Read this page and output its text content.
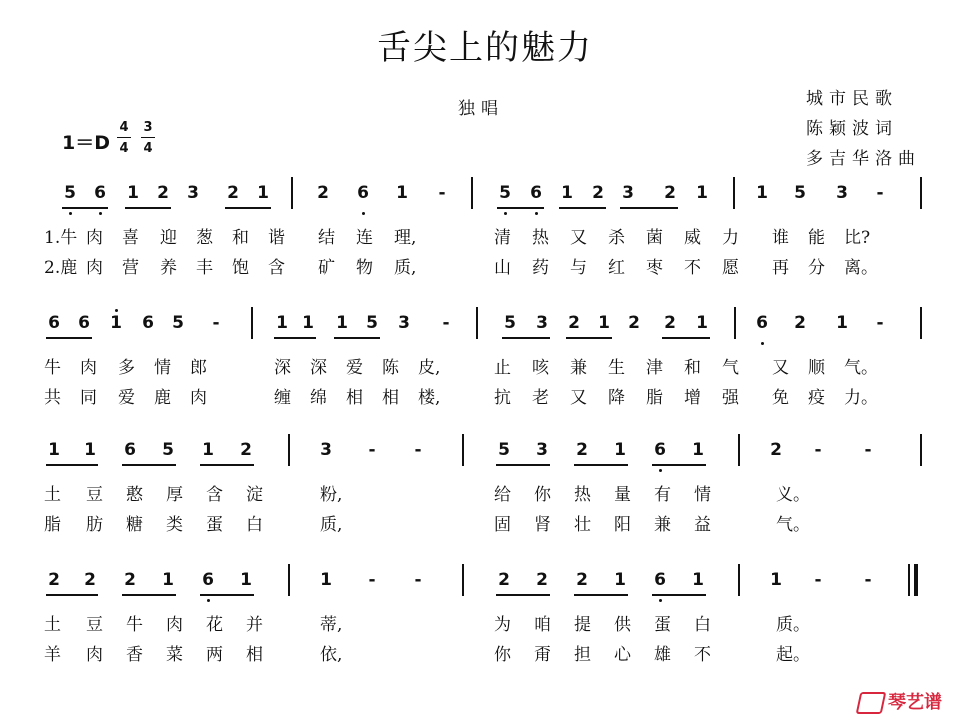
舌尖上的魅力
独唱	城市民歌
陈颖波词
多吉华洛曲
1＝D
4
4
3
4
5 6 1 2 3 2 1	2 6 1 -	5 6 1 2 3 2 1	1 5 3 -
1.牛 肉 喜 迎 葱 和 谐 结 连 理,	清 热 又 杀 菌 威 力 谁 能 比?
2.鹿 肉 营 养 丰 饱 含 矿 物 质,	山 药 与 红 枣 不 愿 再 分 离。
6 6 1 6 5 -	1 1 1 5 3 -	5 3 2 1 2 2 1	6 2 1 -
牛 肉 多 情 郎	深 深 爱 陈 皮,	止 咳 兼 生 津 和 气 又 顺 气。
共 同 爱 鹿 肉	缠 绵 相 相 楼,	抗 老 又 降 脂 增 强 免 疫 力。
1 1 6 5 1 2	3 - -	5 3 2 1 6 1	2 -	-
土 豆 憨 厚 含 淀	粉,	给 你 热 量 有 情	义。
脂 肪 糖 类 蛋 白	质,	固 肾 壮 阳 兼 益	气。
2 2 2 1 6 1	1 - -	2 2 2 1 6 1	1 -	-
土 豆 牛 肉 花 并	蒂,	为 咱 提 供 蛋 白	质。
羊 肉 香 菜 两 相	依,	你 甭 担 心 雄 不	起。
琴艺谱
